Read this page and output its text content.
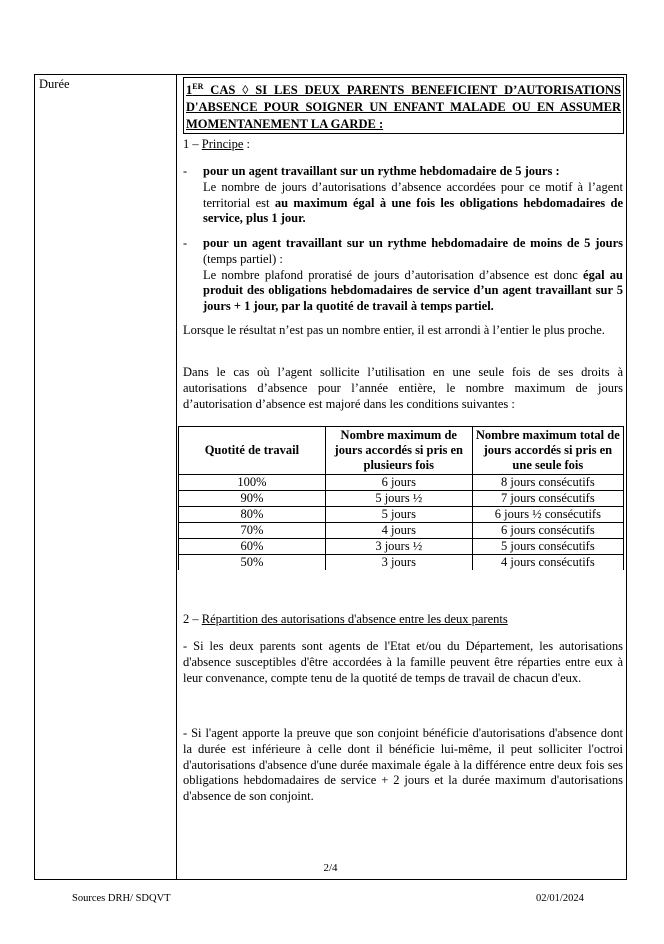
Durée	1ER CAS ◊ SI LES DEUX PARENTS BENEFICIENT D’AUTORISATIONS D'ABSENCE POUR SOIGNER UN ENFANT MALADE OU EN ASSUMER MOMENTANEMENT LA GARDE :
1 – Principe :
- pour un agent travaillant sur un rythme hebdomadaire de 5 jours :
Le nombre de jours d’autorisations d’absence accordées pour ce motif à l’agent territorial est au maximum égal à une fois les obligations hebdomadaires de service, plus 1 jour.
- pour un agent travaillant sur un rythme hebdomadaire de moins de 5 jours (temps partiel) :
Le nombre plafond proratisé de jours d’autorisation d’absence est donc égal au produit des obligations hebdomadaires de service d’un agent travaillant sur 5 jours + 1 jour, par la quotité de travail à temps partiel.
Lorsque le résultat n’est pas un nombre entier, il est arrondi à l’entier le plus proche.
Dans le cas où l’agent sollicite l’utilisation en une seule fois de ses droits à autorisations d’absence pour l’année entière, le nombre maximum de jours d’autorisation d’absence est majoré dans les conditions suivantes :
Quotité de travail	Nombre maximum de jours accordés si pris en plusieurs fois	Nombre maximum total de jours accordés si pris en une seule fois
100%	6 jours	8 jours consécutifs
90%	5 jours ½	7 jours consécutifs
80%	5 jours	6 jours ½ consécutifs
70%	4 jours	6 jours consécutifs
60%	3 jours ½	5 jours consécutifs
50%	3 jours	4 jours consécutifs
2 – Répartition des autorisations d'absence entre les deux parents
- Si les deux parents sont agents de l'Etat et/ou du Département, les autorisations d'absence susceptibles d'être accordées à la famille peuvent être réparties entre eux à leur convenance, compte tenu de la quotité de temps de travail de chacun d'eux.
- Si l'agent apporte la preuve que son conjoint bénéficie d'autorisations d'absence dont la durée est inférieure à celle dont il bénéficie lui-même, il peut solliciter l'octroi d'autorisations d'absence d'une durée maximale égale à la différence entre deux fois ses obligations hebdomadaires de service + 2 jours et la durée maximum d'autorisations d'absence de son conjoint.
2/4
Sources DRH/ SDQVT	02/01/2024
